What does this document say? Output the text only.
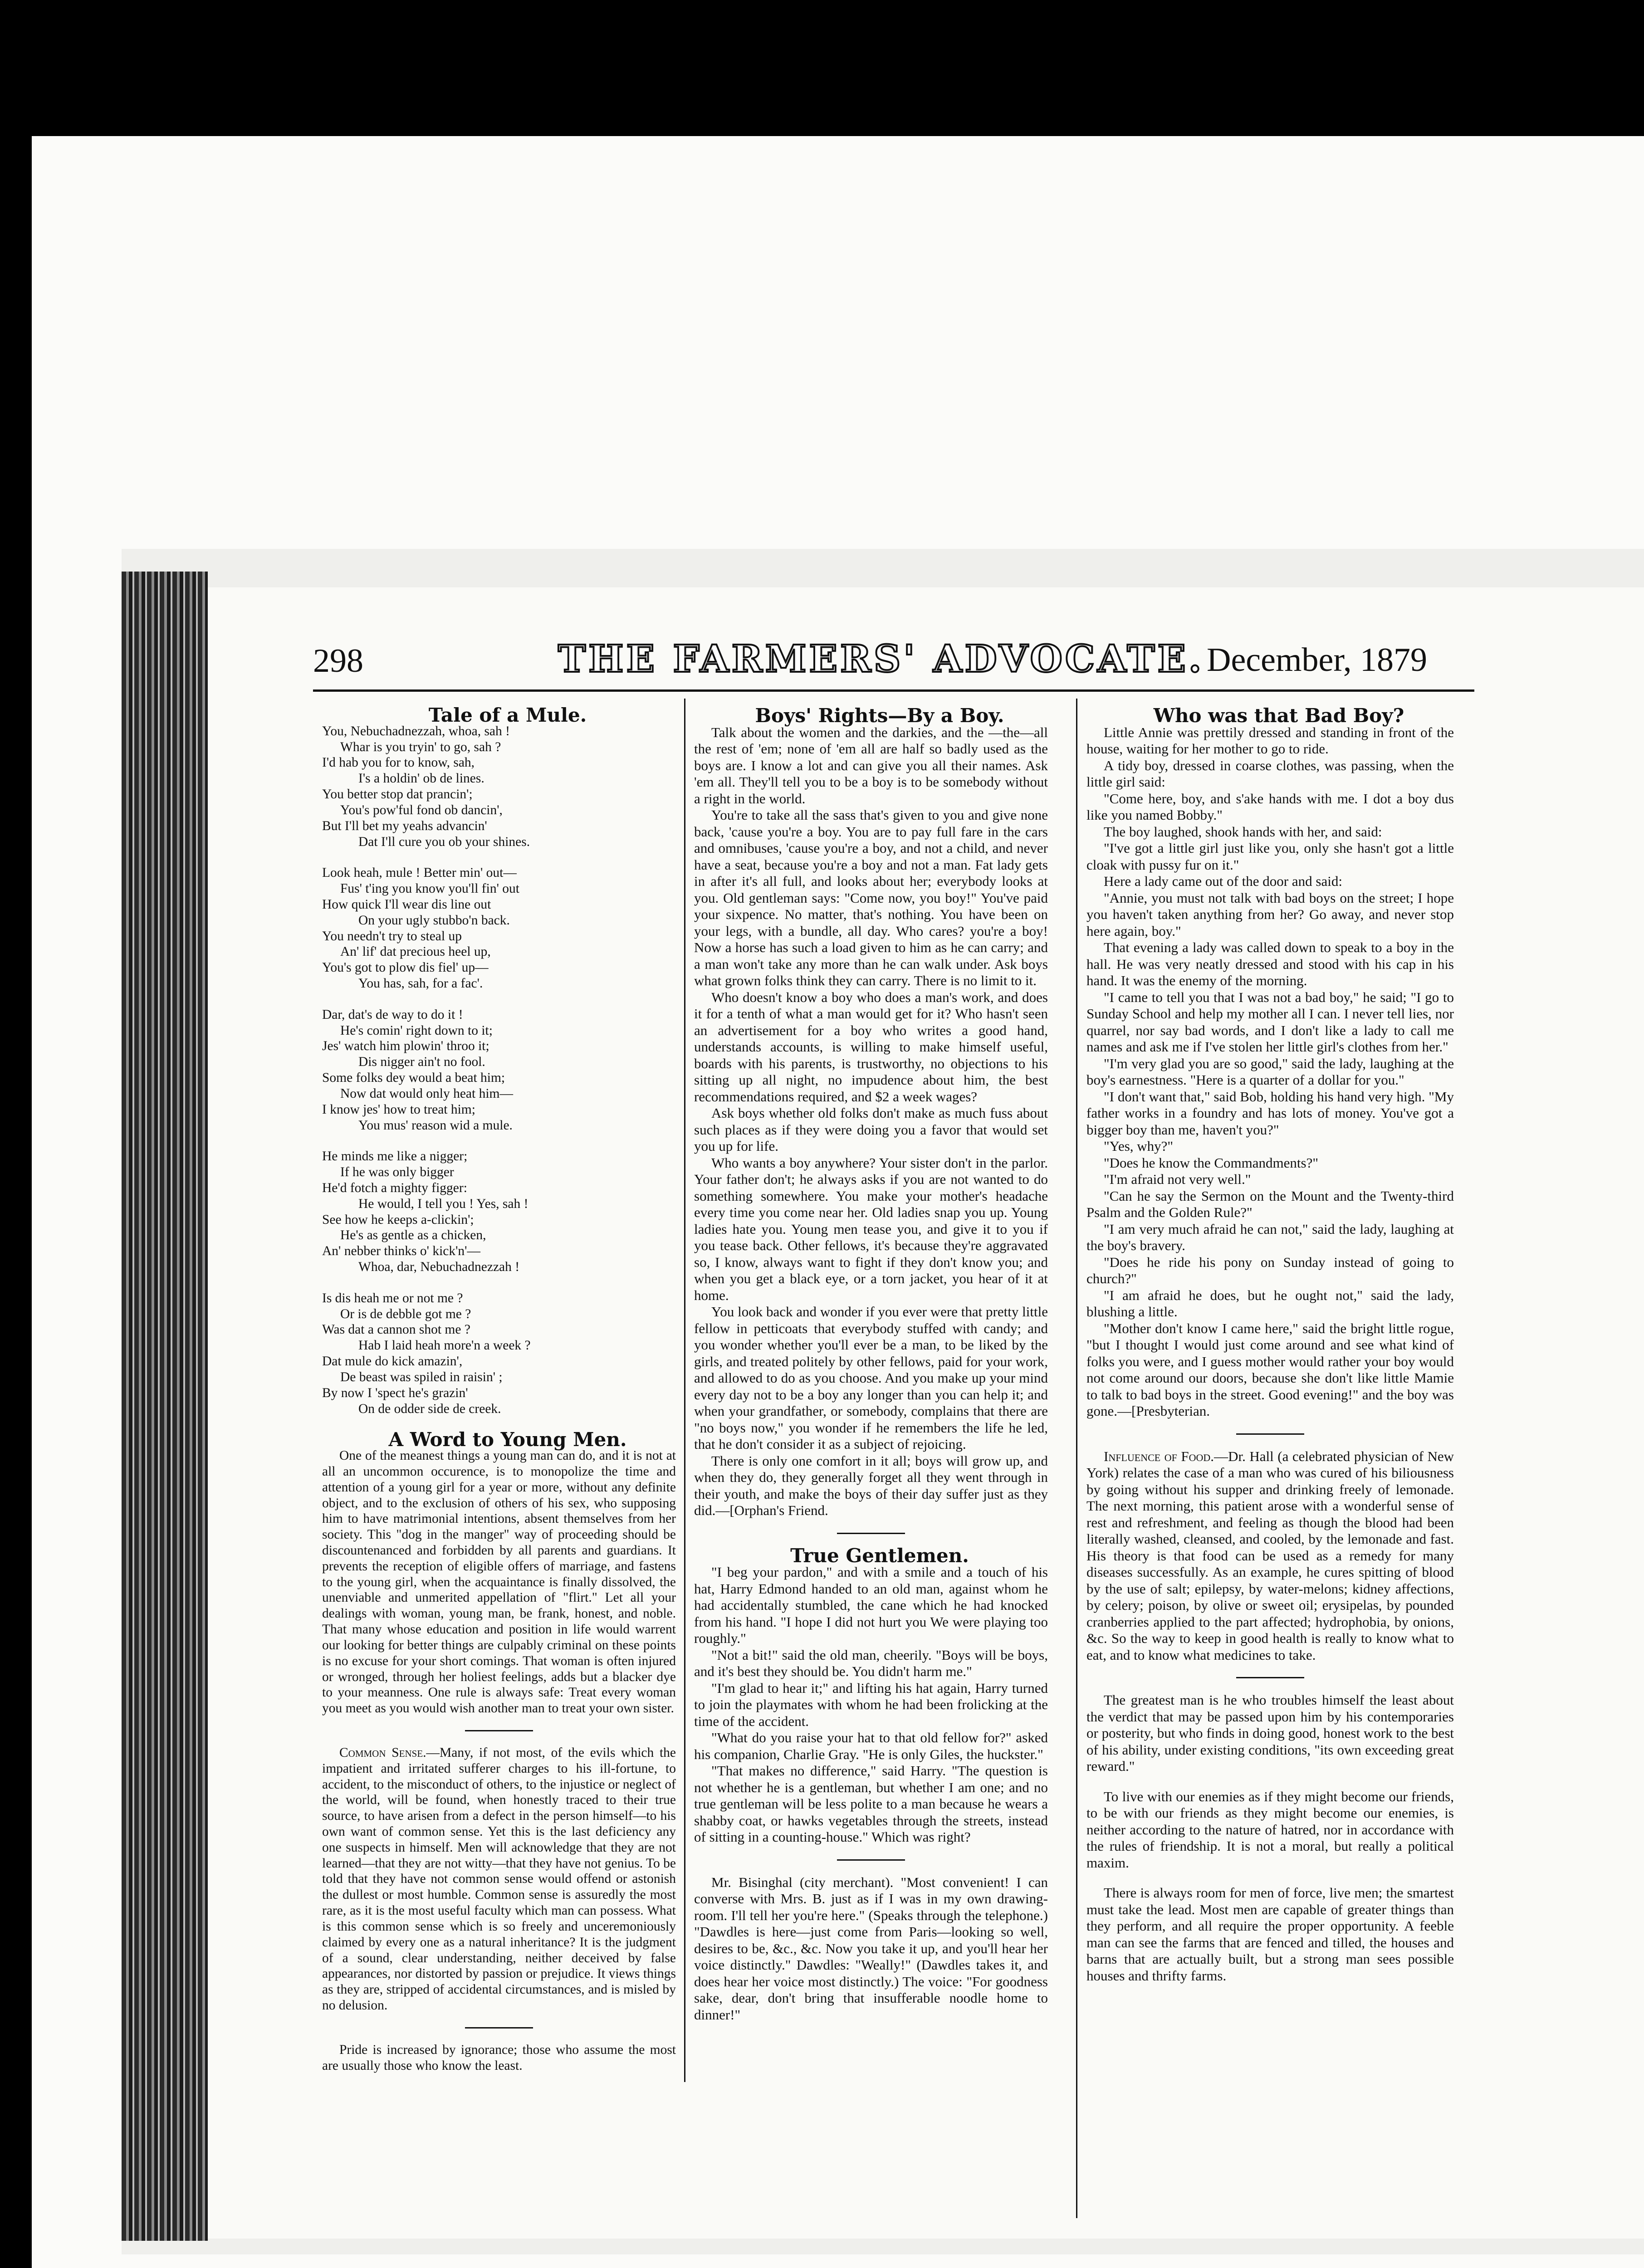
298	THE FARMERS' ADVOCATE. December, 1879

Tale of a Mule.

You, Nebuchadnezzah, whoa, sah !

Whar is you tryin' to go, sah ?

I'd hab you for to know, sah,

I's a holdin' ob de lines.

You better stop dat prancin';

You's pow'ful fond ob dancin',

But I'll bet my yeahs advancin'

Dat I'll cure you ob your shines.

Look heah, mule ! Better min' out—

Fus' t'ing you know you'll fin' out

How quick I'll wear dis line out

On your ugly stubbo'n back.

You needn't try to steal up

An' lif' dat precious heel up,

You's got to plow dis fiel' up—

You has, sah, for a fac'.

Dar, dat's de way to do it !

He's comin' right down to it;

Jes' watch him plowin' throo it;

Dis nigger ain't no fool.

Some folks dey would a beat him;

Now dat would only heat him—

I know jes' how to treat him;

You mus' reason wid a mule.

He minds me like a nigger;

If he was only bigger

He'd fotch a mighty figger:

He would, I tell you ! Yes, sah !

See how he keeps a-clickin';

He's as gentle as a chicken,

An' nebber thinks o' kick'n'—

Whoa, dar, Nebuchadnezzah !

Is dis heah me or not me ?

Or is de debble got me ?

Was dat a cannon shot me ?

Hab I laid heah more'n a week ?

Dat mule do kick amazin',

De beast was spiled in raisin' ;

By now I 'spect he's grazin'

On de odder side de creek.

A Word to Young Men.

One of the meanest things a young man can do, and it is not at all an uncommon occurence, is to monopolize the time and attention of a young girl for a year or more, without any definite object, and to the exclusion of others of his sex, who supposing him to have matrimonial intentions, absent themselves from her society. This "dog in the manger" way of proceeding should be discountenanced and forbidden by all parents and guardians. It prevents the reception of eligible offers of marriage, and fastens to the young girl, when the acquaintance is finally dissolved, the unenviable and unmerited appellation of "flirt." Let all your dealings with woman, young man, be frank, honest, and noble. That many whose education and position in life would warrent our looking for better things are culpably criminal on these points is no excuse for your short comings. That woman is often injured or wronged, through her holiest feelings, adds but a blacker dye to your meanness. One rule is always safe: Treat every woman you meet as you would wish another man to treat your own sister.

Common Sense.—Many, if not most, of the evils which the impatient and irritated sufferer charges to his ill-fortune, to accident, to the misconduct of others, to the injustice or neglect of the world, will be found, when honestly traced to their true source, to have arisen from a defect in the person himself—to his own want of common sense. Yet this is the last deficiency any one suspects in himself. Men will acknowledge that they are not learned—that they are not witty—that they have not genius. To be told that they have not common sense would offend or astonish the dullest or most humble. Common sense is assuredly the most rare, as it is the most useful faculty which man can possess. What is this common sense which is so freely and unceremoniously claimed by every one as a natural inheritance? It is the judgment of a sound, clear understanding, neither deceived by false appearances, nor distorted by passion or prejudice. It views things as they are, stripped of accidental circumstances, and is misled by no delusion.

Pride is increased by ignorance; those who assume the most are usually those who know the least.

Boys' Rights—By a Boy.

Talk about the women and the darkies, and the —the—all the rest of 'em; none of 'em all are half so badly used as the boys are. I know a lot and can give you all their names. Ask 'em all. They'll tell you to be a boy is to be somebody without a right in the world.

You're to take all the sass that's given to you and give none back, 'cause you're a boy. You are to pay full fare in the cars and omnibuses, 'cause you're a boy, and not a child, and never have a seat, because you're a boy and not a man. Fat lady gets in after it's all full, and looks about her; everybody looks at you. Old gentleman says: "Come now, you boy!" You've paid your sixpence. No matter, that's nothing. You have been on your legs, with a bundle, all day. Who cares? you're a boy! Now a horse has such a load given to him as he can carry; and a man won't take any more than he can walk under. Ask boys what grown folks think they can carry. There is no limit to it.

Who doesn't know a boy who does a man's work, and does it for a tenth of what a man would get for it? Who hasn't seen an advertisement for a boy who writes a good hand, understands accounts, is willing to make himself useful, boards with his parents, is trustworthy, no objections to his sitting up all night, no impudence about him, the best recommendations required, and $2 a week wages?

Ask boys whether old folks don't make as much fuss about such places as if they were doing you a favor that would set you up for life.

Who wants a boy anywhere? Your sister don't in the parlor. Your father don't; he always asks if you are not wanted to do something somewhere. You make your mother's headache every time you come near her. Old ladies snap you up. Young ladies hate you. Young men tease you, and give it to you if you tease back. Other fellows, it's because they're aggravated so, I know, always want to fight if they don't know you; and when you get a black eye, or a torn jacket, you hear of it at home.

You look back and wonder if you ever were that pretty little fellow in petticoats that everybody stuffed with candy; and you wonder whether you'll ever be a man, to be liked by the girls, and treated politely by other fellows, paid for your work, and allowed to do as you choose. And you make up your mind every day not to be a boy any longer than you can help it; and when your grandfather, or somebody, complains that there are "no boys now," you wonder if he remembers the life he led, that he don't consider it as a subject of rejoicing.

There is only one comfort in it all; boys will grow up, and when they do, they generally forget all they went through in their youth, and make the boys of their day suffer just as they did.—[Orphan's Friend.

True Gentlemen.

"I beg your pardon," and with a smile and a touch of his hat, Harry Edmond handed to an old man, against whom he had accidentally stumbled, the cane which he had knocked from his hand. "I hope I did not hurt you We were playing too roughly."

"Not a bit!" said the old man, cheerily. "Boys will be boys, and it's best they should be. You didn't harm me."

"I'm glad to hear it;" and lifting his hat again, Harry turned to join the playmates with whom he had been frolicking at the time of the accident.

"What do you raise your hat to that old fellow for?" asked his companion, Charlie Gray. "He is only Giles, the huckster."

"That makes no difference," said Harry. "The question is not whether he is a gentleman, but whether I am one; and no true gentleman will be less polite to a man because he wears a shabby coat, or hawks vegetables through the streets, instead of sitting in a counting-house." Which was right?

Mr. Bisinghal (city merchant). "Most convenient! I can converse with Mrs. B. just as if I was in my own drawing-room. I'll tell her you're here." (Speaks through the telephone.) "Dawdles is here—just come from Paris—looking so well, desires to be, &c., &c. Now you take it up, and you'll hear her voice distinctly." Dawdles: "Weally!" (Dawdles takes it, and does hear her voice most distinctly.) The voice: "For goodness sake, dear, don't bring that insufferable noodle home to dinner!"

Who was that Bad Boy?

Little Annie was prettily dressed and standing in front of the house, waiting for her mother to go to ride.

A tidy boy, dressed in coarse clothes, was passing, when the little girl said:

"Come here, boy, and s'ake hands with me. I dot a boy dus like you named Bobby."

The boy laughed, shook hands with her, and said:

"I've got a little girl just like you, only she hasn't got a little cloak with pussy fur on it."

Here a lady came out of the door and said:

"Annie, you must not talk with bad boys on the street; I hope you haven't taken anything from her? Go away, and never stop here again, boy."

That evening a lady was called down to speak to a boy in the hall. He was very neatly dressed and stood with his cap in his hand. It was the enemy of the morning.

"I came to tell you that I was not a bad boy," he said; "I go to Sunday School and help my mother all I can. I never tell lies, nor quarrel, nor say bad words, and I don't like a lady to call me names and ask me if I've stolen her little girl's clothes from her."

"I'm very glad you are so good," said the lady, laughing at the boy's earnestness. "Here is a quarter of a dollar for you."

"I don't want that," said Bob, holding his hand very high. "My father works in a foundry and has lots of money. You've got a bigger boy than me, haven't you?"

"Yes, why?"

"Does he know the Commandments?"

"I'm afraid not very well."

"Can he say the Sermon on the Mount and the Twenty-third Psalm and the Golden Rule?"

"I am very much afraid he can not," said the lady, laughing at the boy's bravery.

"Does he ride his pony on Sunday instead of going to church?"

"I am afraid he does, but he ought not," said the lady, blushing a little.

"Mother don't know I came here," said the bright little rogue, "but I thought I would just come around and see what kind of folks you were, and I guess mother would rather your boy would not come around our doors, because she don't like little Mamie to talk to bad boys in the street. Good evening!" and the boy was gone.—[Presbyterian.

Influence of Food.—Dr. Hall (a celebrated physician of New York) relates the case of a man who was cured of his biliousness by going without his supper and drinking freely of lemonade. The next morning, this patient arose with a wonderful sense of rest and refreshment, and feeling as though the blood had been literally washed, cleansed, and cooled, by the lemonade and fast. His theory is that food can be used as a remedy for many diseases successfully. As an example, he cures spitting of blood by the use of salt; epilepsy, by water-melons; kidney affections, by celery; poison, by olive or sweet oil; erysipelas, by pounded cranberries applied to the part affected; hydrophobia, by onions, &c. So the way to keep in good health is really to know what to eat, and to know what medicines to take.

The greatest man is he who troubles himself the least about the verdict that may be passed upon him by his contemporaries or posterity, but who finds in doing good, honest work to the best of his ability, under existing conditions, "its own exceeding great reward."

To live with our enemies as if they might become our friends, to be with our friends as they might become our enemies, is neither according to the nature of hatred, nor in accordance with the rules of friendship. It is not a moral, but really a political maxim.

There is always room for men of force, live men; the smartest must take the lead. Most men are capable of greater things than they perform, and all require the proper opportunity. A feeble man can see the farms that are fenced and tilled, the houses and barns that are actually built, but a strong man sees possible houses and thrifty farms.
